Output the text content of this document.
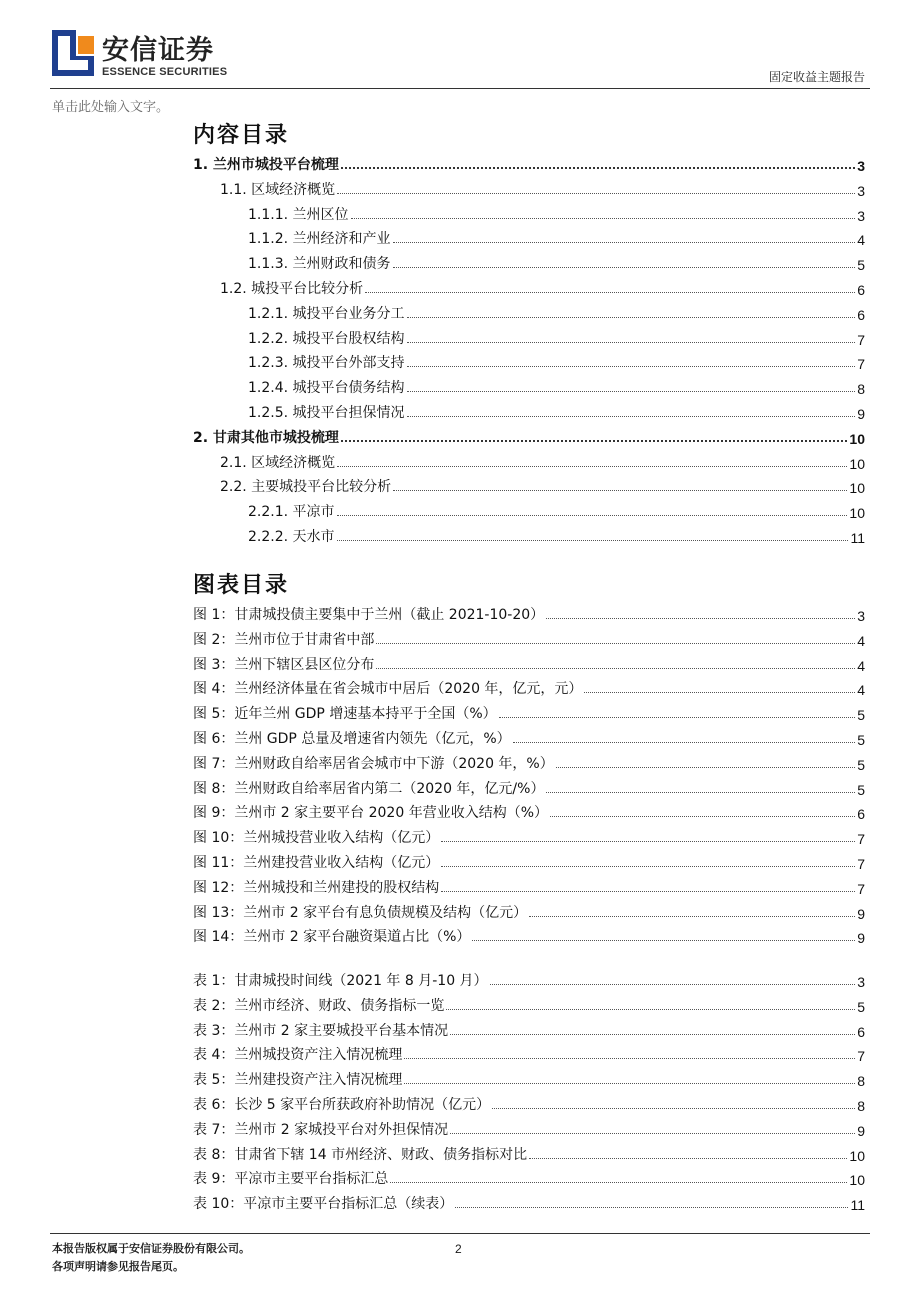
安信证券
ESSENCE SECURITIES	固定收益主题报告
单击此处输入文字。
内容目录
图表目录
1. 兰州市城投平台梳理	3
1.1. 区域经济概览	3
1.1.1. 兰州区位	3
1.1.2. 兰州经济和产业	4
1.1.3. 兰州财政和债务	5
1.2. 城投平台比较分析	6
1.2.1. 城投平台业务分工	6
1.2.2. 城投平台股权结构	7
1.2.3. 城投平台外部支持	7
1.2.4. 城投平台债务结构	8
1.2.5. 城投平台担保情况	9
2. 甘肃其他市城投梳理	10
2.1. 区域经济概览	10
2.2. 主要城投平台比较分析	10
2.2.1. 平凉市	10
2.2.2. 天水市	11
图 1：甘肃城投债主要集中于兰州（截止 2021-10-20）	3
图 2：兰州市位于甘肃省中部	4
图 3：兰州下辖区县区位分布	4
图 4：兰州经济体量在省会城市中居后（2020 年，亿元，元）	4
图 5：近年兰州 GDP 增速基本持平于全国（%）	5
图 6：兰州 GDP 总量及增速省内领先（亿元，%）	5
图 7：兰州财政自给率居省会城市中下游（2020 年，%）	5
图 8：兰州财政自给率居省内第二（2020 年，亿元/%）	5
图 9：兰州市 2 家主要平台 2020 年营业收入结构（%）	6
图 10：兰州城投营业收入结构（亿元）	7
图 11：兰州建投营业收入结构（亿元）	7
图 12：兰州城投和兰州建投的股权结构	7
图 13：兰州市 2 家平台有息负债规模及结构（亿元）	9
图 14：兰州市 2 家平台融资渠道占比（%）	9
表 1：甘肃城投时间线（2021 年 8 月-10 月）	3
表 2：兰州市经济、财政、债务指标一览	5
表 3：兰州市 2 家主要城投平台基本情况	6
表 4：兰州城投资产注入情况梳理	7
表 5：兰州建投资产注入情况梳理	8
表 6：长沙 5 家平台所获政府补助情况（亿元）	8
表 7：兰州市 2 家城投平台对外担保情况	9
表 8：甘肃省下辖 14 市州经济、财政、债务指标对比	10
表 9：平凉市主要平台指标汇总	10
表 10：平凉市主要平台指标汇总（续表）	11
本报告版权属于安信证券股份有限公司。
各项声明请参见报告尾页。
2
